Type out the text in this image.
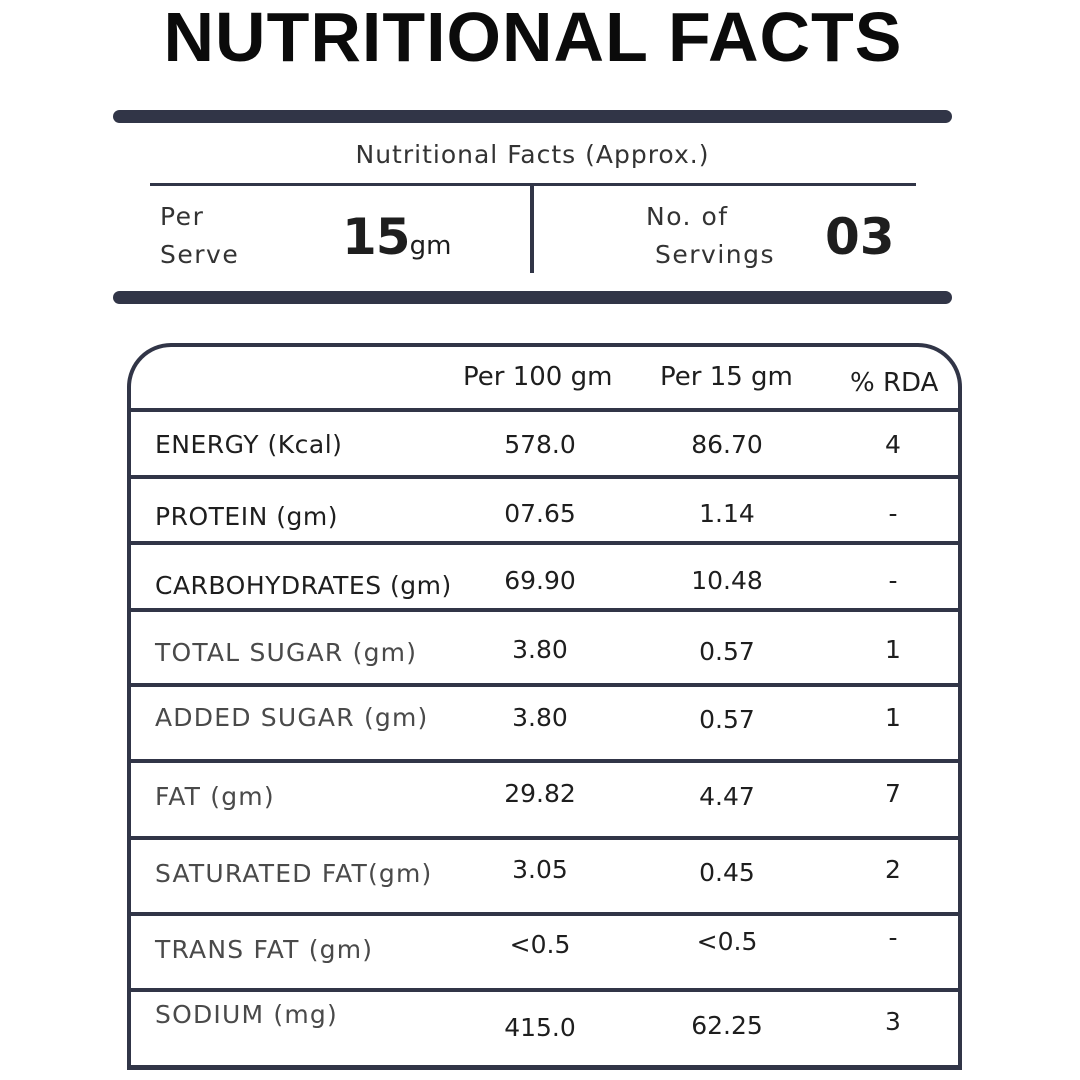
NUTRITIONAL FACTS
Nutritional Facts (Approx.)
Per
Serve 15gm
No. of
Servings 03
Per 100 gm Per 15 gm % RDA
ENERGY (Kcal)	578.0	86.70	4
PROTEIN (gm)	07.65	1.14	-
CARBOHYDRATES (gm)	69.90	10.48	-
TOTAL SUGAR (gm)	3.80	0.57	1
ADDED SUGAR (gm)	3.80	0.57	1
FAT (gm)	29.82	4.47	7
SATURATED FAT(gm)	3.05	0.45	2
TRANS FAT (gm)	<0.5	<0.5	-
SODIUM (mg)	415.0	62.25	3
